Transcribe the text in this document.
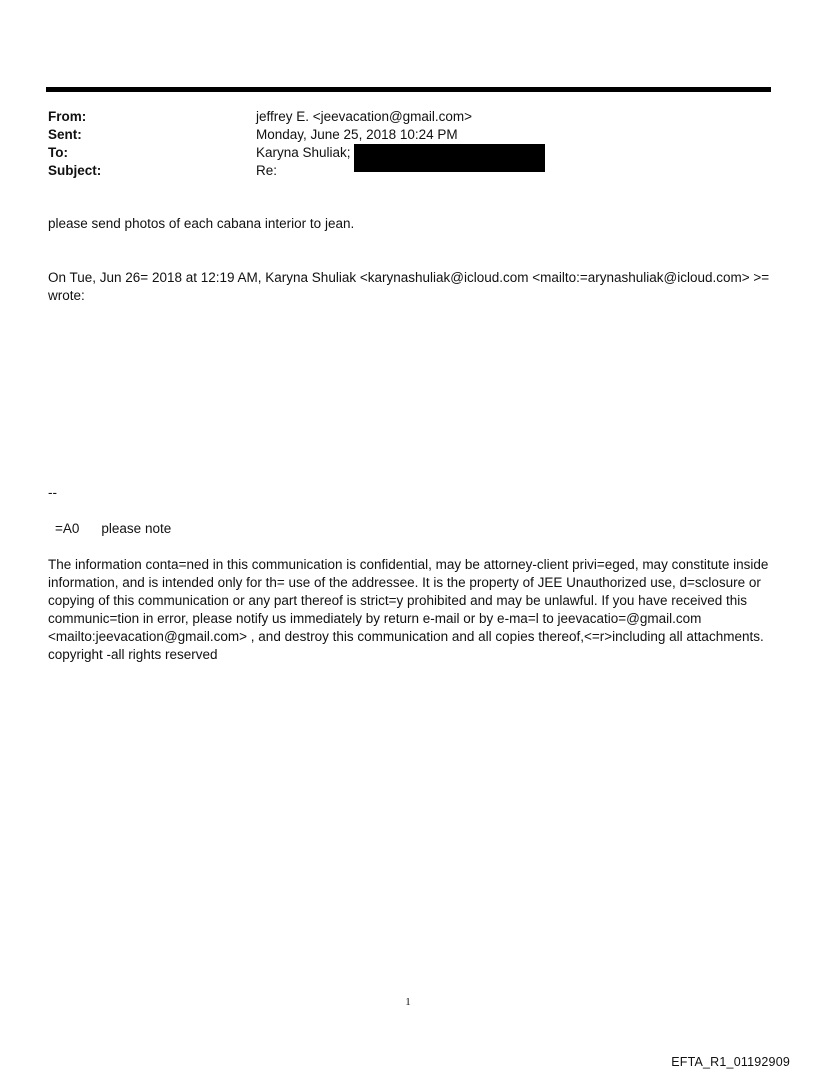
From:	jeffrey E. <jeevacation@gmail.com>
Sent:	Monday, June 25, 2018 10:24 PM
To:	Karyna Shuliak;
Subject:	Re:
please send photos of each cabana interior to jean.
On Tue, Jun 26= 2018 at 12:19 AM, Karyna Shuliak <karynashuliak@icloud.com <mailto:=arynashuliak@icloud.com> >= wrote:
--
=A0 please note
The information conta=ned in this communication is confidential, may be attorney-client privi=eged, may constitute inside information, and is intended only for th= use of the addressee. It is the property of JEE Unauthorized use, d=sclosure or copying of this communication or any part thereof is strict=y prohibited and may be unlawful. If you have received this communic=tion in error, please notify us immediately by return e-mail or by e-ma=l to jeevacatio=@gmail.com <mailto:jeevacation@gmail.com> , and destroy this communication and all copies thereof,<=r>including all attachments. copyright -all rights reserved
1
EFTA_R1_01192909
